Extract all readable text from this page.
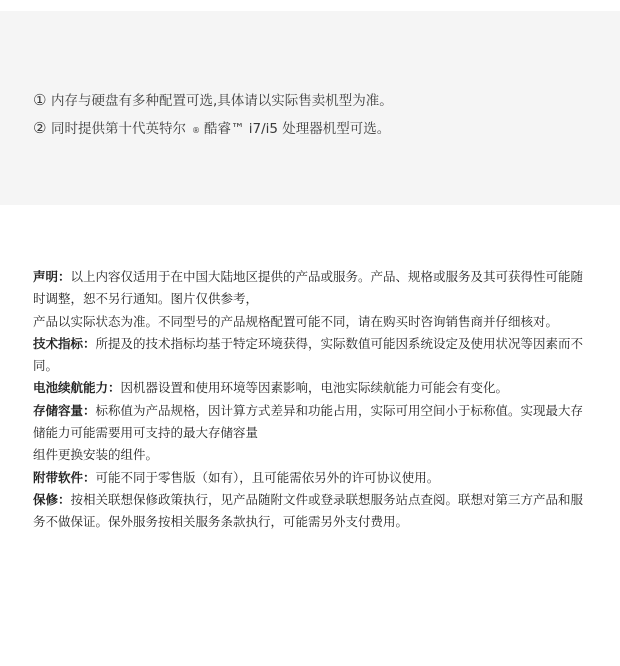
① 内存与硬盘有多种配置可选,具体请以实际售卖机型为准。
② 同时提供第十代英特尔 ® 酷睿™ i7/i5 处理器机型可选。

声明：以上内容仅适用于在中国大陆地区提供的产品或服务。产品、规格或服务及其可获得性可能随时调整，恕不另行通知。图片仅供参考，

产品以实际状态为准。不同型号的产品规格配置可能不同，请在购买时咨询销售商并仔细核对。

技术指标：所提及的技术指标均基于特定环境获得，实际数值可能因系统设定及使用状况等因素而不同。

电池续航能力：因机器设置和使用环境等因素影响，电池实际续航能力可能会有变化。

存储容量：标称值为产品规格，因计算方式差异和功能占用，实际可用空间小于标称值。实现最大存储能力可能需要用可支持的最大存储容量

组件更换安装的组件。

附带软件：可能不同于零售版（如有），且可能需依另外的许可协议使用。

保修：按相关联想保修政策执行，见产品随附文件或登录联想服务站点查阅。联想对第三方产品和服务不做保证。保外服务按相关服务条款执行，可能需另外支付费用。
